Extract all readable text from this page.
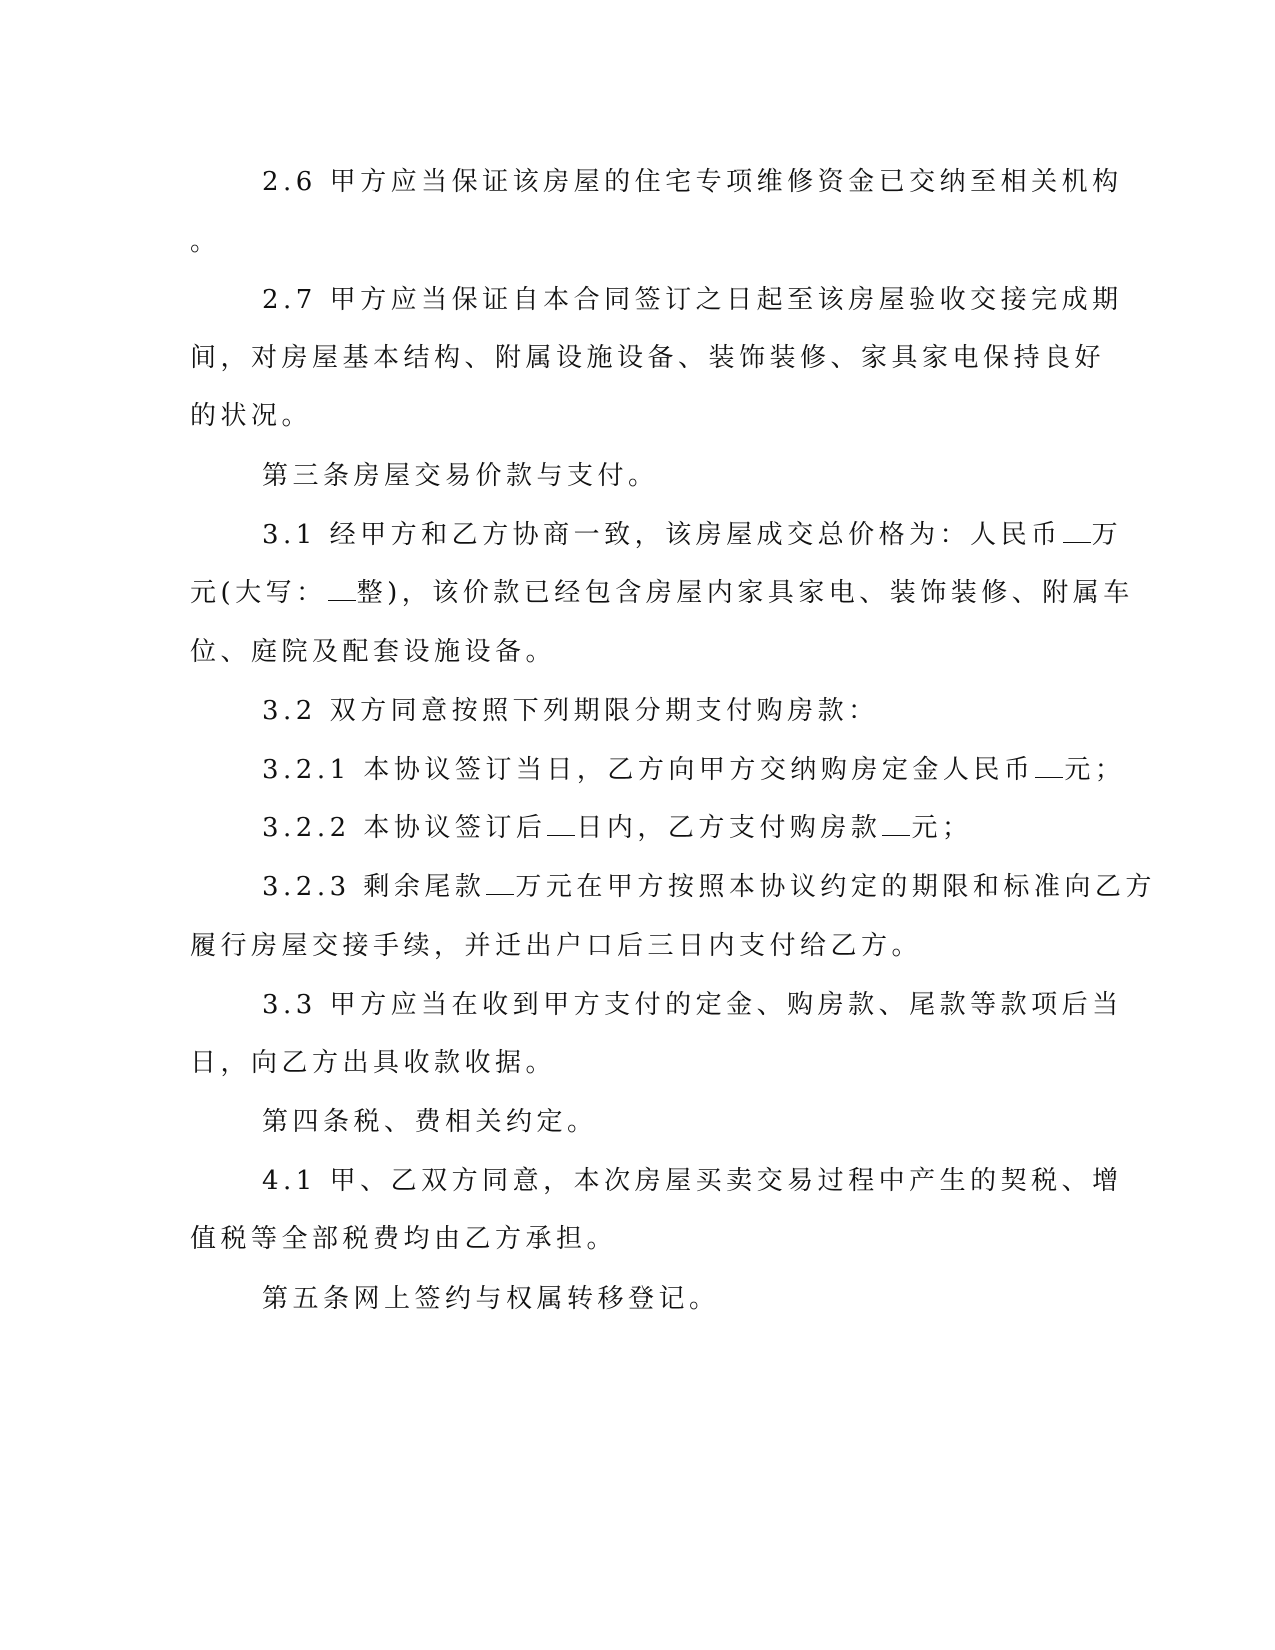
2.6 甲方应当保证该房屋的住宅专项维修资金已交纳至相关机构
。
2.7 甲方应当保证自本合同签订之日起至该房屋验收交接完成期
间，对房屋基本结构、附属设施设备、装饰装修、家具家电保持良好
的状况。
第三条房屋交易价款与支付。
3.1 经甲方和乙方协商一致，该房屋成交总价格为：人民币 万
元(大写： 整)，该价款已经包含房屋内家具家电、装饰装修、附属车
位、庭院及配套设施设备。
3.2 双方同意按照下列期限分期支付购房款：
3.2.1 本协议签订当日，乙方向甲方交纳购房定金人民币 元；
3.2.2 本协议签订后 日内，乙方支付购房款 元；
3.2.3 剩余尾款 万元在甲方按照本协议约定的期限和标准向乙方
履行房屋交接手续，并迁出户口后三日内支付给乙方。
3.3 甲方应当在收到甲方支付的定金、购房款、尾款等款项后当
日，向乙方出具收款收据。
第四条税、费相关约定。
4.1 甲、乙双方同意，本次房屋买卖交易过程中产生的契税、增
值税等全部税费均由乙方承担。
第五条网上签约与权属转移登记。
